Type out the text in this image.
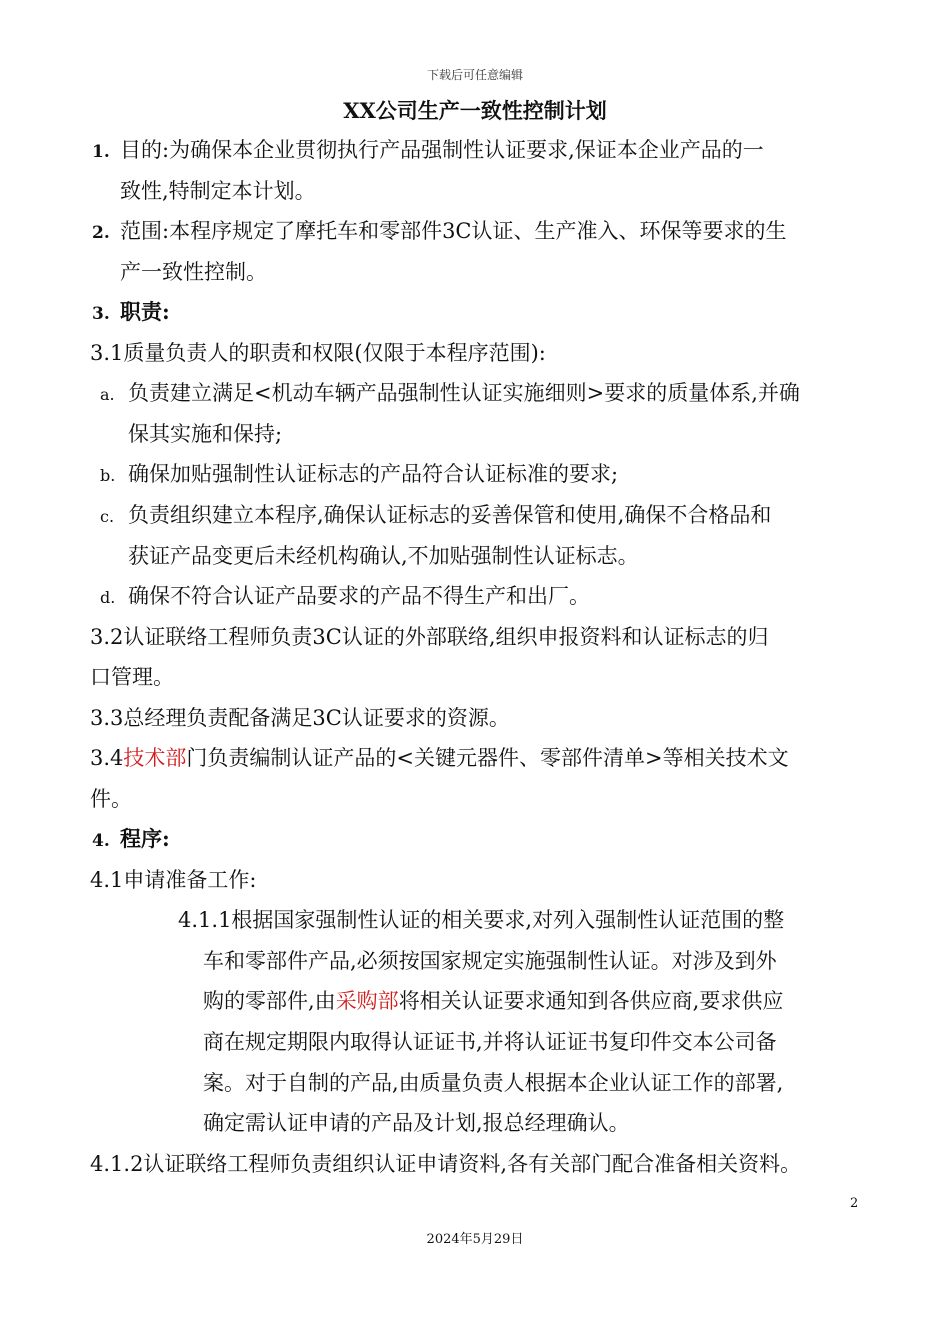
下载后可任意编辑
XX公司生产一致性控制计划
1. 目的:为确保本企业贯彻执行产品强制性认证要求,保证本企业产品的一
致性,特制定本计划。
2. 范围:本程序规定了摩托车和零部件3C认证、生产准入、环保等要求的生
产一致性控制。
3. 职责:
3.1质量负责人的职责和权限(仅限于本程序范围):
a. 负责建立满足<机动车辆产品强制性认证实施细则>要求的质量体系,并确
保其实施和保持;
b. 确保加贴强制性认证标志的产品符合认证标准的要求;
c. 负责组织建立本程序,确保认证标志的妥善保管和使用,确保不合格品和
获证产品变更后未经机构确认,不加贴强制性认证标志。
d. 确保不符合认证产品要求的产品不得生产和出厂。
3.2认证联络工程师负责3C认证的外部联络,组织申报资料和认证标志的归
口管理。
3.3总经理负责配备满足3C认证要求的资源。
3.4技术部门负责编制认证产品的<关键元器件、零部件清单>等相关技术文
件。
4. 程序:
4.1申请准备工作:
4.1.1根据国家强制性认证的相关要求,对列入强制性认证范围的整
车和零部件产品,必须按国家规定实施强制性认证。对涉及到外
购的零部件,由采购部将相关认证要求通知到各供应商,要求供应
商在规定期限内取得认证证书,并将认证证书复印件交本公司备
案。对于自制的产品,由质量负责人根据本企业认证工作的部署,
确定需认证申请的产品及计划,报总经理确认。
4.1.2认证联络工程师负责组织认证申请资料,各有关部门配合准备相关资料。
2
2024年5月29日
